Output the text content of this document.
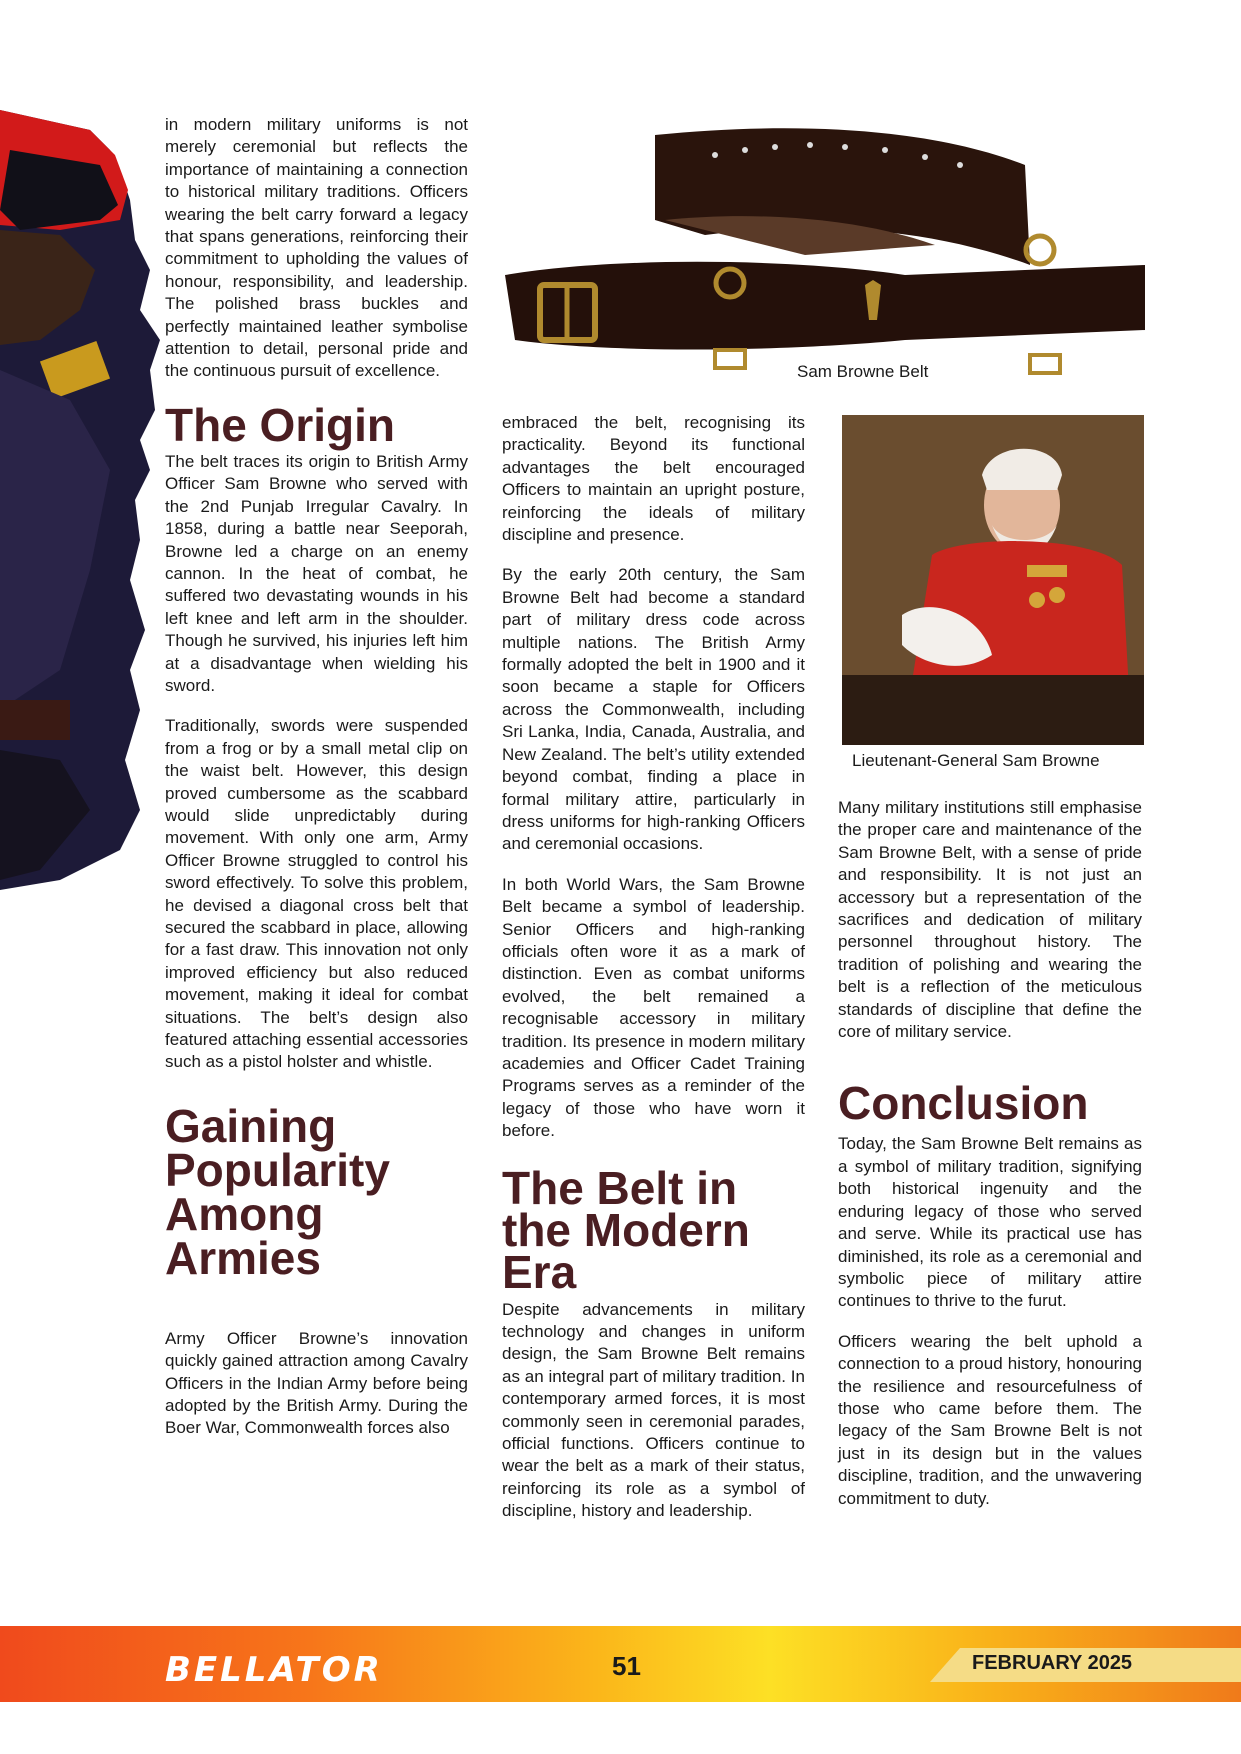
in modern military uniforms is not merely ceremonial but reflects the importance of maintaining a connection to historical military traditions. Officers wearing the belt carry forward a legacy that spans generations, reinforcing their commitment to upholding the values of honour, responsibility, and leadership. The polished brass buckles and perfectly maintained leather symbolise attention to detail, personal pride and the continuous pursuit of excellence.

The Origin

The belt traces its origin to British Army Officer Sam Browne who served with the 2nd Punjab Irregular Cavalry. In 1858, during a battle near Seeporah, Browne led a charge on an enemy cannon. In the heat of combat, he suffered two devastating wounds in his left knee and left arm in the shoulder. Though he survived, his injuries left him at a disadvantage when wielding his sword.

Traditionally, swords were suspended from a frog or by a small metal clip on the waist belt. However, this design proved cumbersome as the scabbard would slide unpredictably during movement. With only one arm, Army Officer Browne struggled to control his sword effectively. To solve this problem, he devised a diagonal cross belt that secured the scabbard in place, allowing for a fast draw. This innovation not only improved efficiency but also reduced movement, making it ideal for combat situations. The belt’s design also featured attaching essential accessories such as a pistol holster and whistle.

Gaining Popularity Among Armies

Army Officer Browne’s innovation quickly gained attraction among Cavalry Officers in the Indian Army before being adopted by the British Army. During the Boer War, Commonwealth forces also

Sam Browne Belt

embraced the belt, recognising its practicality. Beyond its functional advantages the belt encouraged Officers to maintain an upright posture, reinforcing the ideals of military discipline and presence.

By the early 20th century, the Sam Browne Belt had become a standard part of military dress code across multiple nations. The British Army formally adopted the belt in 1900 and it soon became a staple for Officers across the Commonwealth, including Sri Lanka, India, Canada, Australia, and New Zealand. The belt’s utility extended beyond combat, finding a place in formal military attire, particularly in dress uniforms for high-ranking Officers and ceremonial occasions.

In both World Wars, the Sam Browne Belt became a symbol of leadership. Senior Officers and high-ranking officials often wore it as a mark of distinction. Even as combat uniforms evolved, the belt remained a recognisable accessory in military tradition. Its presence in modern military academies and Officer Cadet Training Programs serves as a reminder of the legacy of those who have worn it before.

The Belt in the Modern Era

Despite advancements in military technology and changes in uniform design, the Sam Browne Belt remains as an integral part of military tradition. In contemporary armed forces, it is most commonly seen in ceremonial parades, official functions. Officers continue to wear the belt as a mark of their status, reinforcing its role as a symbol of discipline, history and leadership.

Lieutenant-General Sam Browne

Many military institutions still emphasise the proper care and maintenance of the Sam Browne Belt, with a sense of pride and responsibility. It is not just an accessory but a representation of the sacrifices and dedication of military personnel throughout history. The tradition of polishing and wearing the belt is a reflection of the meticulous standards of discipline that define the core of military service.

Conclusion

Today, the Sam Browne Belt remains as a symbol of military tradition, signifying both historical ingenuity and the enduring legacy of those who served and serve. While its practical use has diminished, its role as a ceremonial and symbolic piece of military attire continues to thrive to the furut.

Officers wearing the belt uphold a connection to a proud history, honouring the resilience and resourcefulness of those who came before them. The legacy of the Sam Browne Belt is not just in its design but in the values discipline, tradition, and the unwavering commitment to duty.

BELLATOR	51	FEBRUARY 2025
